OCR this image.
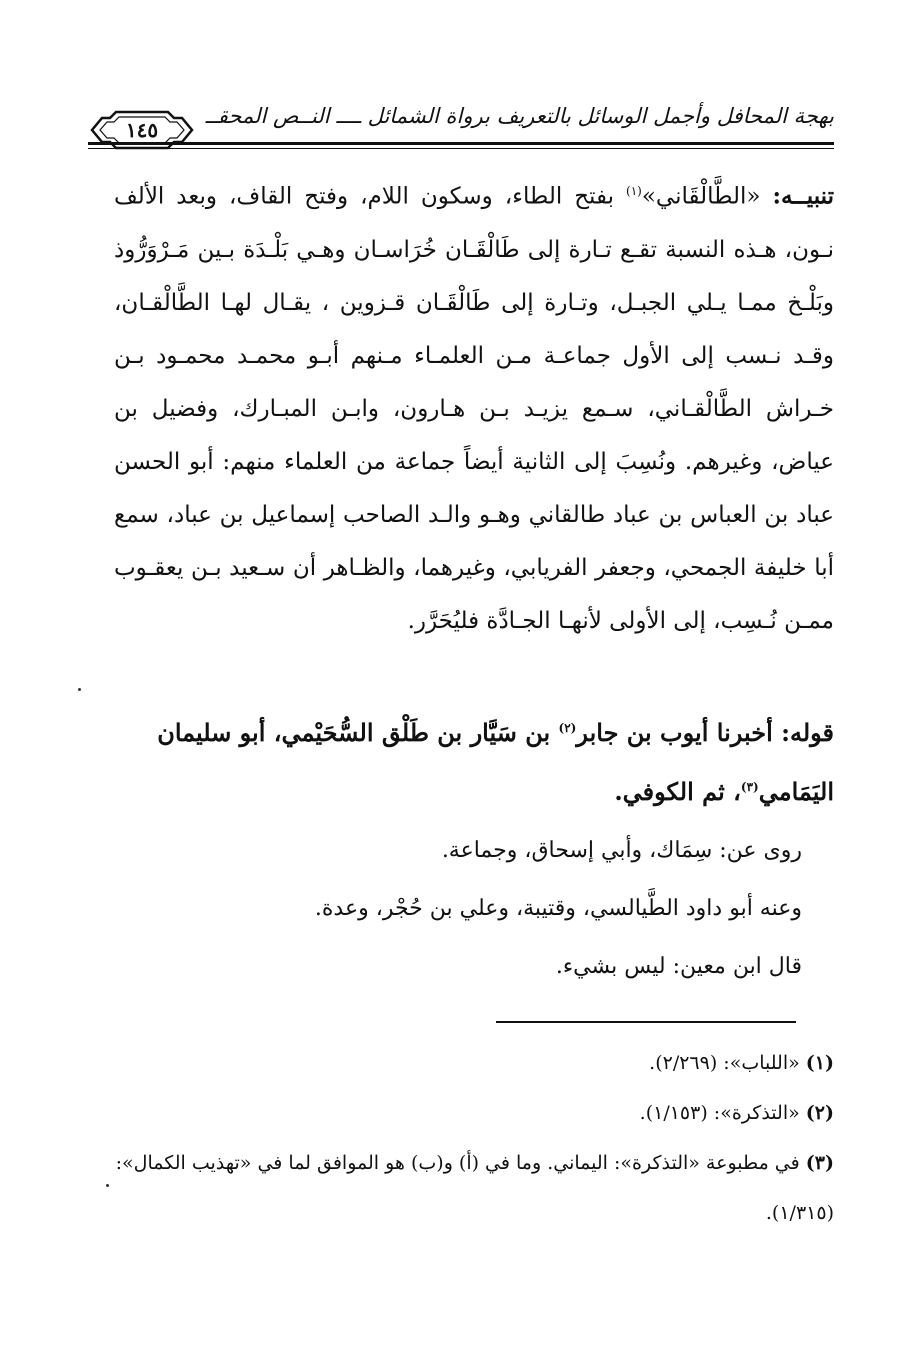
بهجة المحافل وأجمل الوسائل بالتعريف برواة الشمائل ــــ النــص المحقــ
١٤٥
تنبيــه: «الطَّالْقَاني»$^{(١)}$ بفتح الطاء، وسكون اللام، وفتح القاف، وبعد الألف نـون، هـذه النسبة تقـع تـارة إلى طَالْقَـان خُرَاسـان وهـي بَلْـدَة بـين مَـرْوَرُّوذ وبَلْـخ ممـا يـلي الجبـل، وتـارة إلى طَالْقَـان قـزوين ، يقـال لهـا الطَّالْقـان، وقـد نـسب إلى الأول جماعـة مـن العلمـاء مـنهم أبـو محمـد محمـود بـن خـراش الطَّالْقـاني، سـمع يزيـد بـن هـارون، وابـن المبـارك، وفضيل بن عياض، وغيرهم. ونُسِبَ إلى الثانية أيضاً جماعة من العلماء منهم: أبو الحسن عباد بن العباس بن عباد طالقاني وهـو والـد الصاحب إسماعيل بن عباد، سمع أبا خليفة الجمحي، وجعفر الفريابي، وغيرهما، والظـاهر أن سـعيد بـن يعقـوب ممـن نُـسِب، إلى الأولى لأنهـا الجـادَّة فليُحَرَّر.
قوله: أخبرنا أيوب بن جابر$^{(٢)}$ بن سَيَّار بن طَلْق السُّحَيْمي، أبو سليمان اليَمَامي$^{(٣)}$، ثم الكوفي.

روى عن: سِمَاك، وأبي إسحاق، وجماعة.

وعنه أبو داود الطَّيالسي، وقتيبة، وعلي بن حُجْر، وعدة.

قال ابن معين: ليس بشيء.

(١) «اللباب»: (٢/٢٦٩).

(٢) «التذكرة»: (١/١٥٣).

(٣) في مطبوعة «التذكرة»: اليماني. وما في (أ) و(ب) هو الموافق لما في «تهذيب الكمال»: (١/٣١٥).
